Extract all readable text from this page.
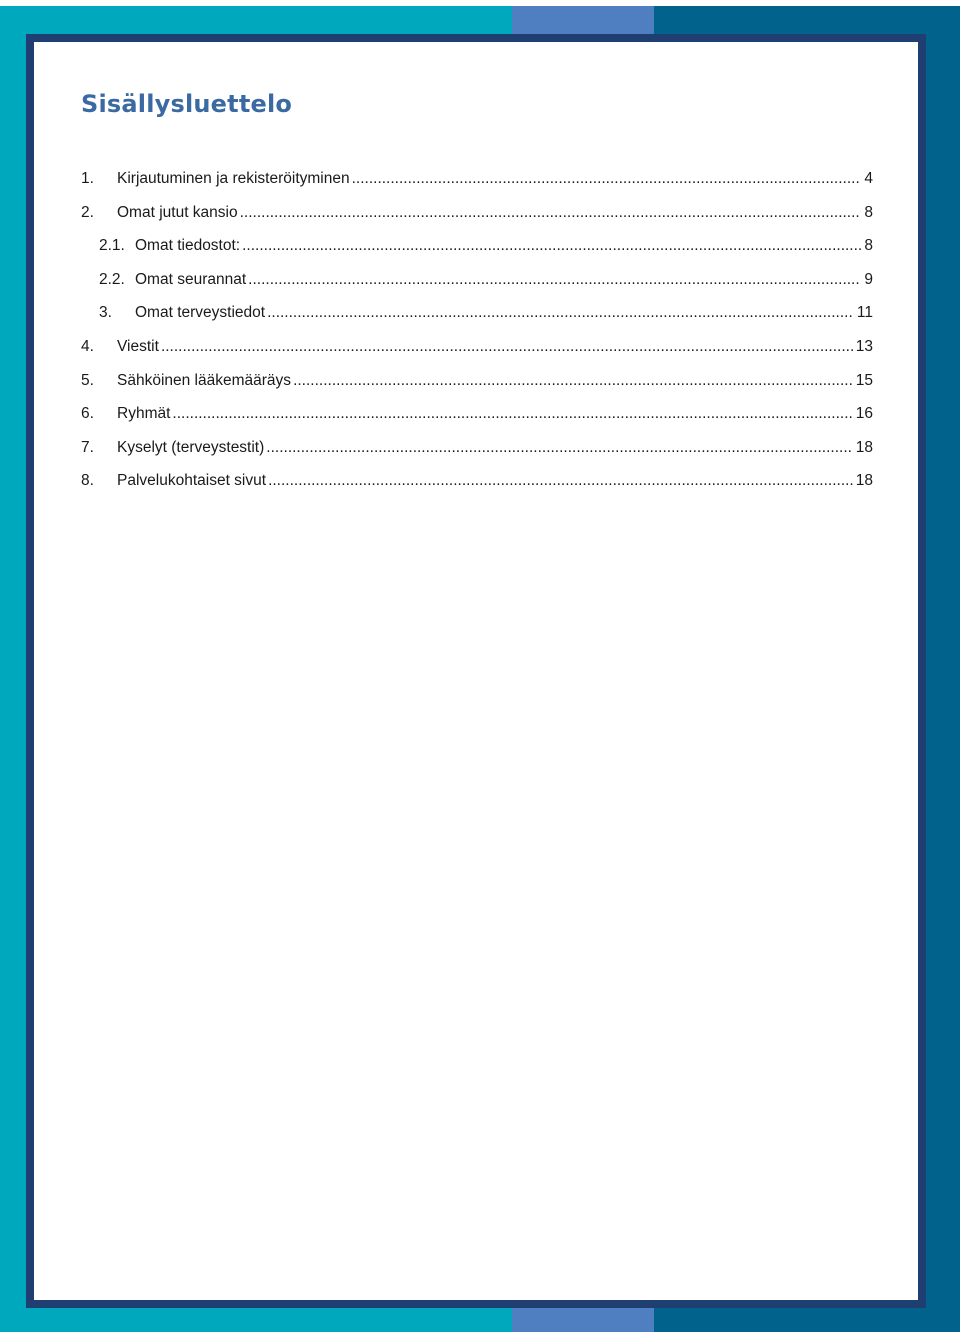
Sisällysluettelo
1.	Kirjautuminen ja rekisteröityminen .....	4
2.	Omat jutut kansio .....	8
2.1. Omat tiedostot: .....	8
2.2. Omat seurannat .....	9
3.	Omat terveystiedot .....	11
4.	Viestit .....	13
5.	Sähköinen lääkemääräys .....	15
6.	Ryhmät .....	16
7.	Kyselyt (terveystestit) .....	18
8.	Palvelukohtaiset sivut .....	18
